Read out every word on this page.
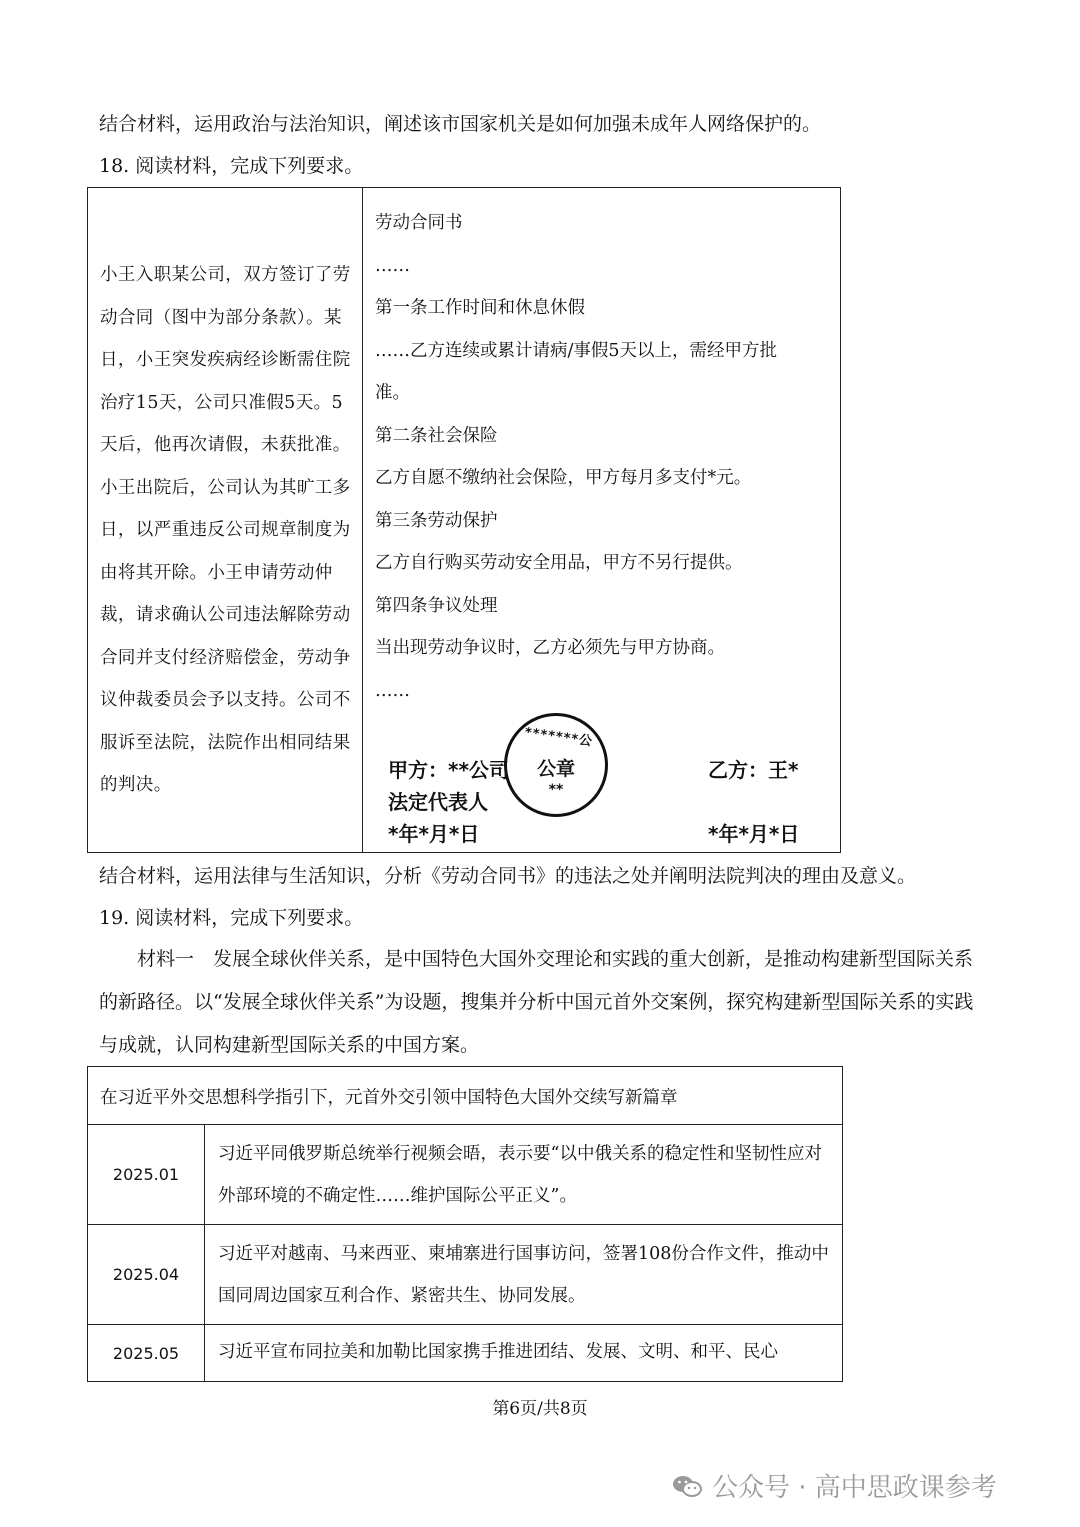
结合材料，运用政治与法治知识，阐述该市国家机关是如何加强未成年人网络保护的。
18. 阅读材料，完成下列要求。
小王入职某公司，双方签订了劳动合同（图中为部分条款）。某日，小王突发疾病经诊断需住院治疗15天，公司只准假5天。5天后，他再次请假，未获批准。小王出院后，公司认为其旷工多日，以严重违反公司规章制度为由将其开除。小王申请劳动仲裁，请求确认公司违法解除劳动合同并支付经济赔偿金，劳动争议仲裁委员会予以支持。公司不服诉至法院，法院作出相同结果的判决。
劳动合同书
……
第一条工作时间和休息休假
……乙方连续或累计请病/事假5天以上，需经甲方批
准。
第二条社会保险
乙方自愿不缴纳社会保险，甲方每月多支付*元。
第三条劳动保护
乙方自行购买劳动安全用品，甲方不另行提供。
第四条争议处理
当出现劳动争议时，乙方必须先与甲方协商。
……
甲方：**公司
法定代表人
*年*月*日
乙方：王*
*年*月*日
*******公
公章
**
结合材料，运用法律与生活知识，分析《劳动合同书》的违法之处并阐明法院判决的理由及意义。
19. 阅读材料，完成下列要求。
材料一　发展全球伙伴关系，是中国特色大国外交理论和实践的重大创新，是推动构建新型国际关系的新路径。以“发展全球伙伴关系”为设题，搜集并分析中国元首外交案例，探究构建新型国际关系的实践与成就，认同构建新型国际关系的中国方案。
在习近平外交思想科学指引下，元首外交引领中国特色大国外交续写新篇章
2025.01
习近平同俄罗斯总统举行视频会晤，表示要“以中俄关系的稳定性和坚韧性应对外部环境的不确定性……维护国际公平正义”。
2025.04
习近平对越南、马来西亚、柬埔寨进行国事访问，签署108份合作文件，推动中国同周边国家互利合作、紧密共生、协同发展。
2025.05	习近平宣布同拉美和加勒比国家携手推进团结、发展、文明、和平、民心
第6页/共8页
公众号 · 高中思政课参考
